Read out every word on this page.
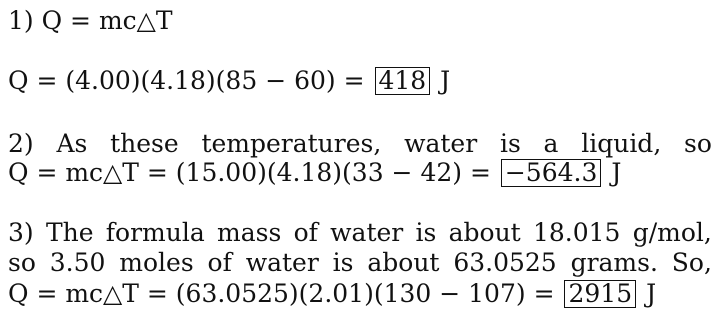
1) Q = mc△T
Q = (4.00)(4.18)(85 − 60) = 418 J
2) As these temperatures, water is a liquid, so
Q = mc△T = (15.00)(4.18)(33 − 42) = −564.3 J
3) The formula mass of water is about 18.015 g/mol,
so 3.50 moles of water is about 63.0525 grams. So,
Q = mc△T = (63.0525)(2.01)(130 − 107) = 2915 J
